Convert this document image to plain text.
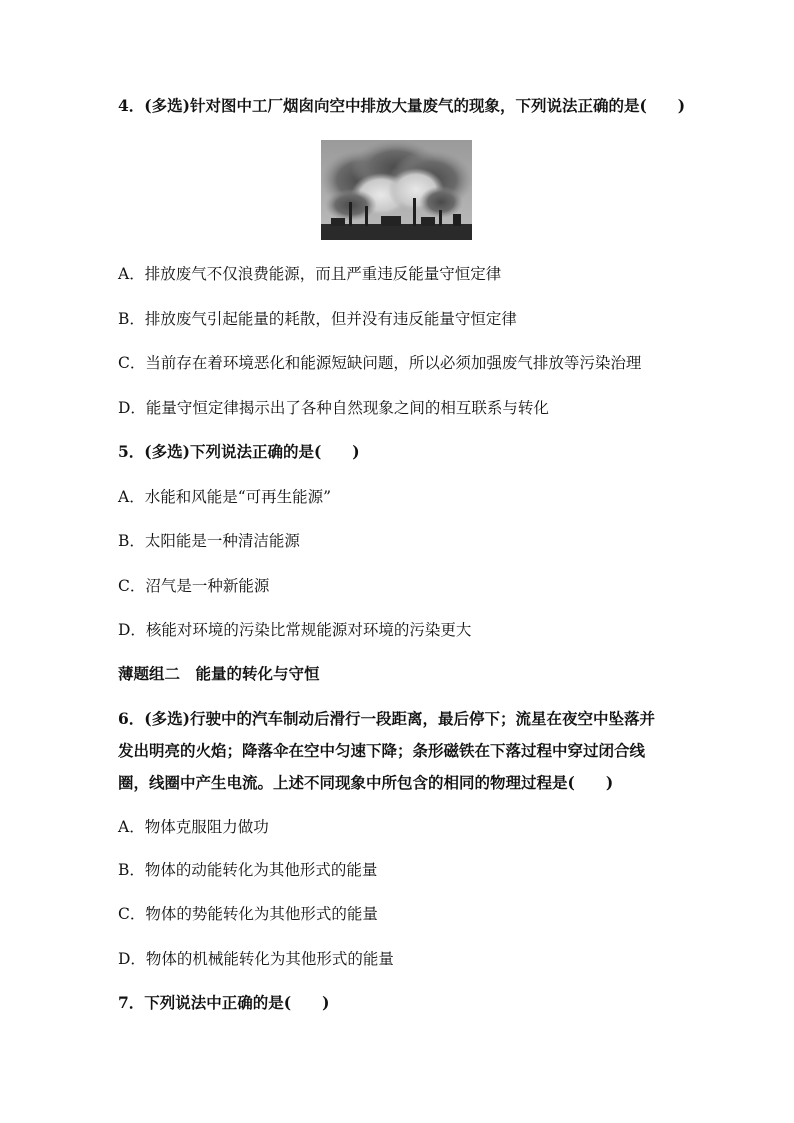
4．(多选)针对图中工厂烟囱向空中排放大量废气的现象，下列说法正确的是(　　)
A．排放废气不仅浪费能源，而且严重违反能量守恒定律
B．排放废气引起能量的耗散，但并没有违反能量守恒定律
C．当前存在着环境恶化和能源短缺问题，所以必须加强废气排放等污染治理
D．能量守恒定律揭示出了各种自然现象之间的相互联系与转化
5．(多选)下列说法正确的是(　　)
A．水能和风能是“可再生能源”
B．太阳能是一种清洁能源
C．沼气是一种新能源
D．核能对环境的污染比常规能源对环境的污染更大
薄题组二　能量的转化与守恒
6．(多选)行驶中的汽车制动后滑行一段距离，最后停下；流星在夜空中坠落并
发出明亮的火焰；降落伞在空中匀速下降；条形磁铁在下落过程中穿过闭合线
圈，线圈中产生电流。上述不同现象中所包含的相同的物理过程是(　　)
A．物体克服阻力做功
B．物体的动能转化为其他形式的能量
C．物体的势能转化为其他形式的能量
D．物体的机械能转化为其他形式的能量
7．下列说法中正确的是(　　)
